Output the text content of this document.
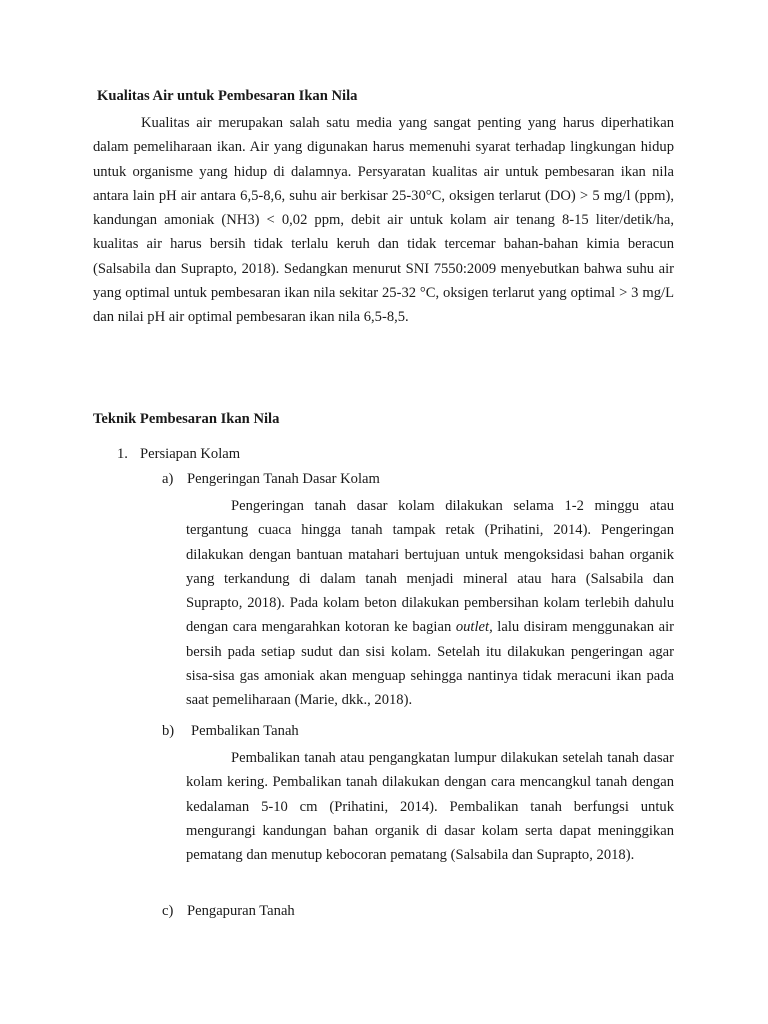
Kualitas Air untuk Pembesaran Ikan Nila
Kualitas air merupakan salah satu media yang sangat penting yang harus diperhatikan dalam pemeliharaan ikan. Air yang digunakan harus memenuhi syarat terhadap lingkungan hidup untuk organisme yang hidup di dalamnya. Persyaratan kualitas air untuk pembesaran ikan nila antara lain pH air antara 6,5-8,6, suhu air berkisar 25-30°C, oksigen terlarut (DO) > 5 mg/l (ppm), kandungan amoniak (NH3) < 0,02 ppm, debit air untuk kolam air tenang 8-15 liter/detik/ha, kualitas air harus bersih tidak terlalu keruh dan tidak tercemar bahan-bahan kimia beracun (Salsabila dan Suprapto, 2018). Sedangkan menurut SNI 7550:2009 menyebutkan bahwa suhu air yang optimal untuk pembesaran ikan nila sekitar 25-32 °C, oksigen terlarut yang optimal > 3 mg/L dan nilai pH air optimal pembesaran ikan nila 6,5-8,5.
Teknik Pembesaran Ikan Nila
1. Persiapan Kolam
a) Pengeringan Tanah Dasar Kolam
Pengeringan tanah dasar kolam dilakukan selama 1-2 minggu atau tergantung cuaca hingga tanah tampak retak (Prihatini, 2014). Pengeringan dilakukan dengan bantuan matahari bertujuan untuk mengoksidasi bahan organik yang terkandung di dalam tanah menjadi mineral atau hara (Salsabila dan Suprapto, 2018). Pada kolam beton dilakukan pembersihan kolam terlebih dahulu dengan cara mengarahkan kotoran ke bagian outlet, lalu disiram menggunakan air bersih pada setiap sudut dan sisi kolam. Setelah itu dilakukan pengeringan agar sisa-sisa gas amoniak akan menguap sehingga nantinya tidak meracuni ikan pada saat pemeliharaan (Marie, dkk., 2018).
b) Pembalikan Tanah
Pembalikan tanah atau pengangkatan lumpur dilakukan setelah tanah dasar kolam kering. Pembalikan tanah dilakukan dengan cara mencangkul tanah dengan kedalaman 5-10 cm (Prihatini, 2014). Pembalikan tanah berfungsi untuk mengurangi kandungan bahan organik di dasar kolam serta dapat meninggikan pematang dan menutup kebocoran pematang (Salsabila dan Suprapto, 2018).
c) Pengapuran Tanah
